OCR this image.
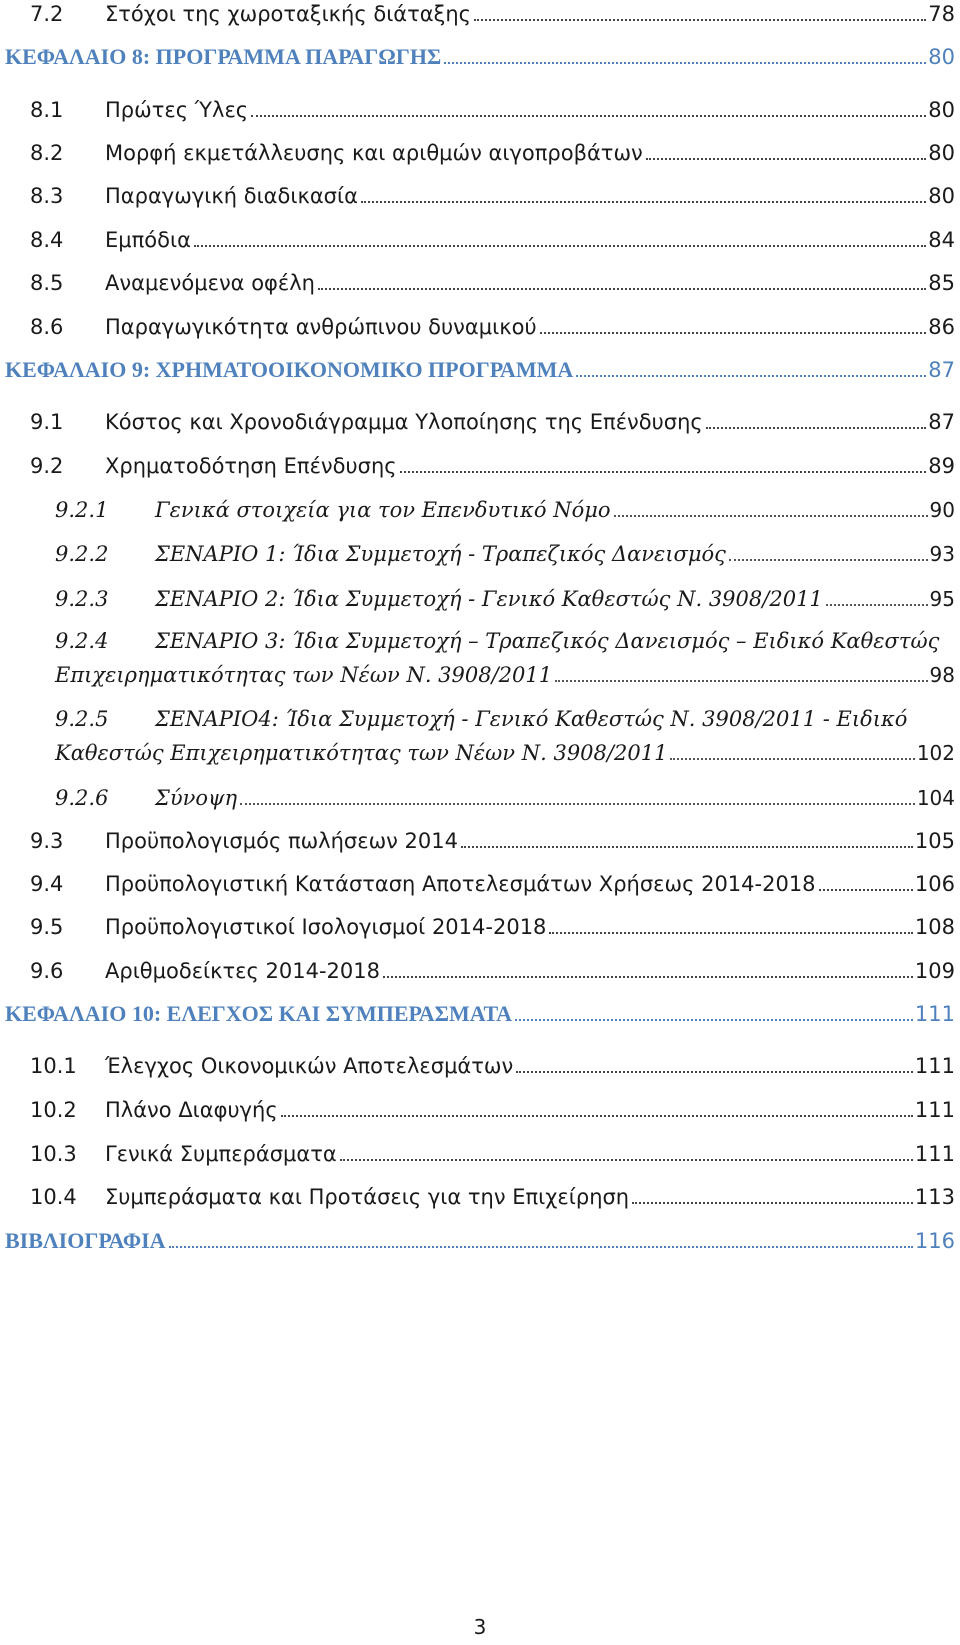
7.2	Στόχοι της χωροταξικής διάταξης	78
ΚΕΦΑΛΑΙΟ 8: ΠΡΟΓΡΑΜΜΑ ΠΑΡΑΓΩΓΗΣ	80
8.1	Πρώτες Ύλες	80
8.2	Μορφή εκμετάλλευσης και αριθμών αιγοπροβάτων	80
8.3	Παραγωγική διαδικασία	80
8.4	Εμπόδια	84
8.5	Αναμενόμενα οφέλη	85
8.6	Παραγωγικότητα ανθρώπινου δυναμικού	86
ΚΕΦΑΛΑΙΟ 9: ΧΡΗΜΑΤΟΟΙΚΟΝΟΜΙΚΟ ΠΡΟΓΡΑΜΜΑ	87
9.1	Κόστος και Χρονοδιάγραμμα Υλοποίησης της Επένδυσης	87
9.2	Χρηματοδότηση Επένδυσης	89
9.2.1	Γενικά στοιχεία για τον Επενδυτικό Νόμο	90
9.2.2	ΣΕΝΑΡΙΟ 1: Ίδια Συμμετοχή - Τραπεζικός Δανεισμός	93
9.2.3	ΣΕΝΑΡΙΟ 2: Ίδια Συμμετοχή - Γενικό Καθεστώς Ν. 3908/2011	95
9.2.4 ΣΕΝΑΡΙΟ 3: Ίδια Συμμετοχή – Τραπεζικός Δανεισμός – Ειδικό Καθεστώς
Επιχειρηματικότητας των Νέων Ν. 3908/2011	98
9.2.5 ΣΕΝΑΡΙΟ4: Ίδια Συμμετοχή - Γενικό Καθεστώς Ν. 3908/2011 - Ειδικό
Καθεστώς Επιχειρηματικότητας των Νέων Ν. 3908/2011	102
9.2.6	Σύνοψη	104
9.3	Προϋπολογισμός πωλήσεων 2014	105
9.4	Προϋπολογιστική Κατάσταση Αποτελεσμάτων Χρήσεως 2014-2018	106
9.5	Προϋπολογιστικοί Ισολογισμοί 2014-2018	108
9.6	Αριθμοδείκτες 2014-2018	109
ΚΕΦΑΛΑΙΟ 10: ΕΛΕΓΧΟΣ ΚΑΙ ΣΥΜΠΕΡΑΣΜΑΤΑ	111
10.1	Έλεγχος Οικονομικών Αποτελεσμάτων	111
10.2	Πλάνο Διαφυγής	111
10.3	Γενικά Συμπεράσματα	111
10.4	Συμπεράσματα και Προτάσεις για την Επιχείρηση	113
ΒΙΒΛΙΟΓΡΑΦΙΑ	116
3
